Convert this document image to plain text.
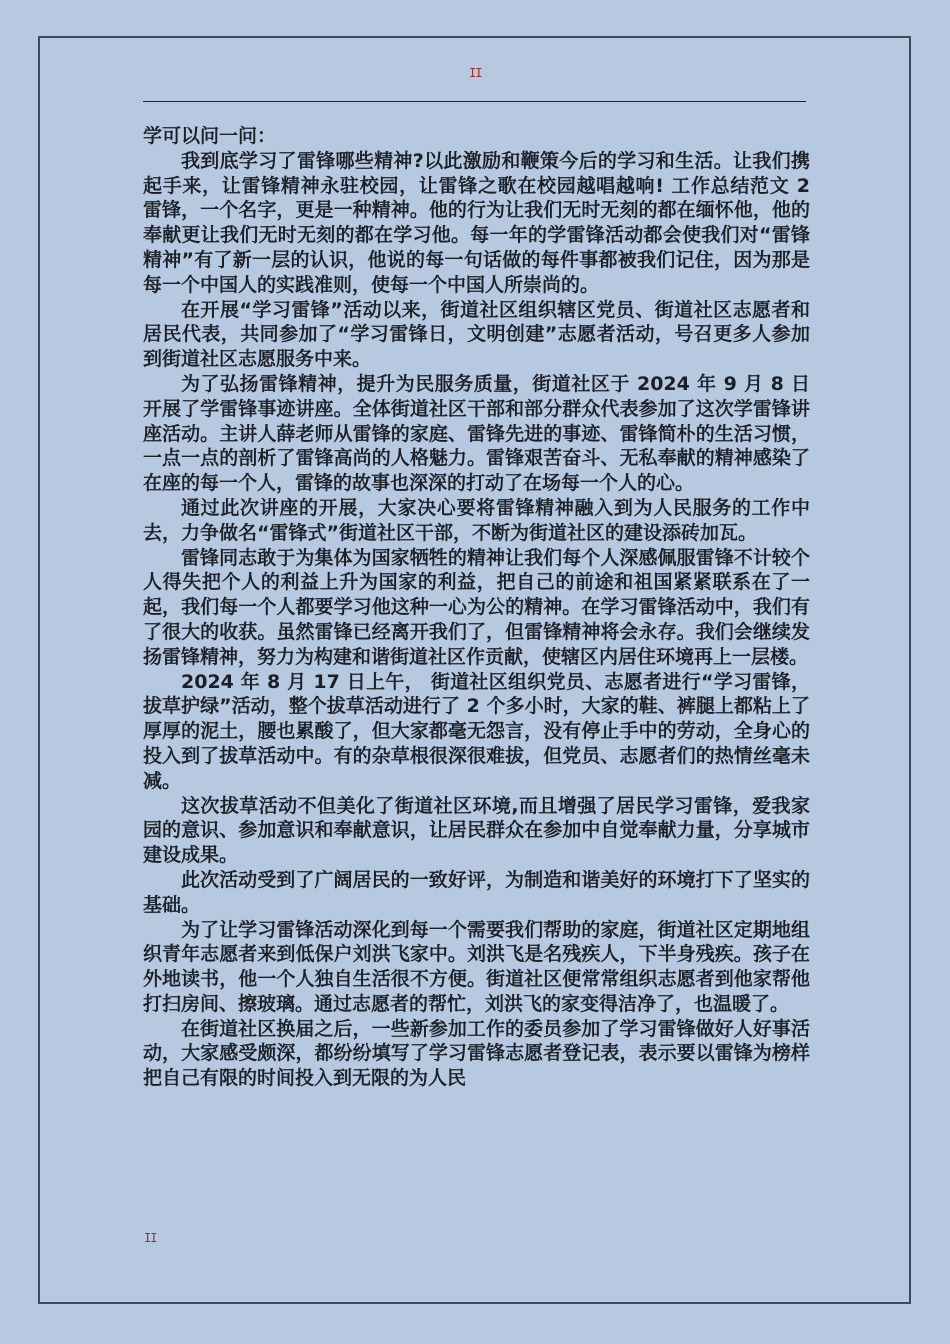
II

学可以问一问：

我到底学习了雷锋哪些精神?以此激励和鞭策今后的学习和生活。让我们携起手来，让雷锋精神永驻校园，让雷锋之歌在校园越唱越响! 工作总结范文 2 雷锋，一个名字，更是一种精神。他的行为让我们无时无刻的都在缅怀他，他的奉献更让我们无时无刻的都在学习他。每一年的学雷锋活动都会使我们对“雷锋精神”有了新一层的认识，他说的每一句话做的每件事都被我们记住，因为那是每一个中国人的实践准则，使每一个中国人所崇尚的。

在开展“学习雷锋”活动以来，街道社区组织辖区党员、街道社区志愿者和居民代表，共同参加了“学习雷锋日，文明创建”志愿者活动，号召更多人参加到街道社区志愿服务中来。

为了弘扬雷锋精神，提升为民服务质量，街道社区于 2024 年 9 月 8 日开展了学雷锋事迹讲座。全体街道社区干部和部分群众代表参加了这次学雷锋讲座活动。主讲人薛老师从雷锋的家庭、雷锋先进的事迹、雷锋简朴的生活习惯，一点一点的剖析了雷锋高尚的人格魅力。雷锋艰苦奋斗、无私奉献的精神感染了在座的每一个人，雷锋的故事也深深的打动了在场每一个人的心。

通过此次讲座的开展，大家决心要将雷锋精神融入到为人民服务的工作中去，力争做名“雷锋式”街道社区干部，不断为街道社区的建设添砖加瓦。

雷锋同志敢于为集体为国家牺牲的精神让我们每个人深感佩服雷锋不计较个人得失把个人的利益上升为国家的利益，把自己的前途和祖国紧紧联系在了一起，我们每一个人都要学习他这种一心为公的精神。在学习雷锋活动中，我们有了很大的收获。虽然雷锋已经离开我们了，但雷锋精神将会永存。我们会继续发扬雷锋精神，努力为构建和谐街道社区作贡献，使辖区内居住环境再上一层楼。

2024 年 8 月 17 日上午， 街道社区组织党员、志愿者进行“学习雷锋，拔草护绿”活动，整个拔草活动进行了 2 个多小时，大家的鞋、裤腿上都粘上了厚厚的泥土，腰也累酸了，但大家都毫无怨言，没有停止手中的劳动，全身心的投入到了拔草活动中。有的杂草根很深很难拔，但党员、志愿者们的热情丝毫未减。

这次拔草活动不但美化了街道社区环境,而且增强了居民学习雷锋，爱我家园的意识、参加意识和奉献意识，让居民群众在参加中自觉奉献力量，分享城市建设成果。

此次活动受到了广阔居民的一致好评，为制造和谐美好的环境打下了坚实的基础。

为了让学习雷锋活动深化到每一个需要我们帮助的家庭，街道社区定期地组织青年志愿者来到低保户刘洪飞家中。刘洪飞是名残疾人，下半身残疾。孩子在外地读书，他一个人独自生活很不方便。街道社区便常常组织志愿者到他家帮他打扫房间、擦玻璃。通过志愿者的帮忙，刘洪飞的家变得洁净了，也温暖了。

在街道社区换届之后，一些新参加工作的委员参加了学习雷锋做好人好事活动，大家感受颇深，都纷纷填写了学习雷锋志愿者登记表，表示要以雷锋为榜样把自己有限的时间投入到无限的为人民

II
